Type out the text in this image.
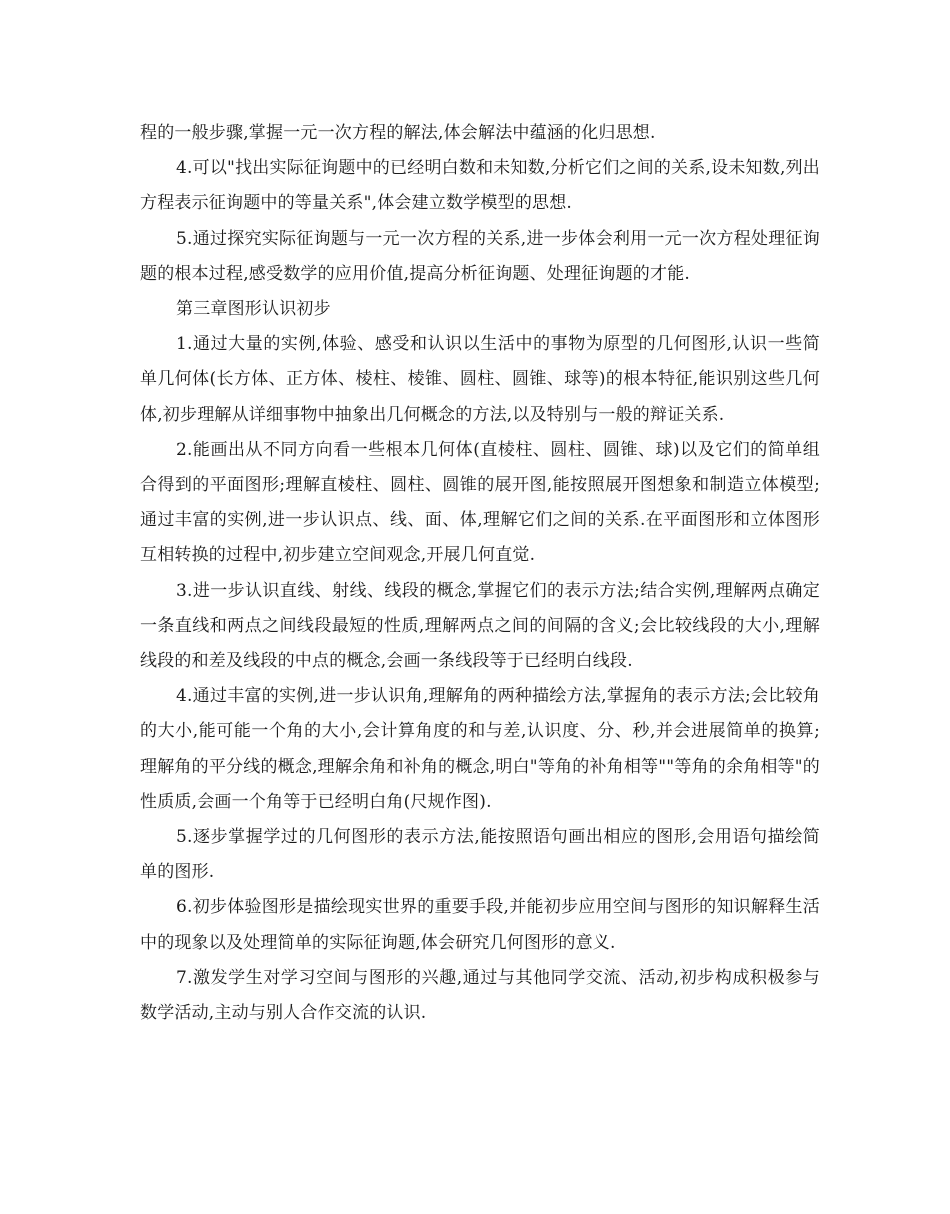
程的一般步骤,掌握一元一次方程的解法,体会解法中蕴涵的化归思想.

4.可以"找出实际征询题中的已经明白数和未知数,分析它们之间的关系,设未知数,列出方程表示征询题中的等量关系",体会建立数学模型的思想.

5.通过探究实际征询题与一元一次方程的关系,进一步体会利用一元一次方程处理征询题的根本过程,感受数学的应用价值,提高分析征询题、处理征询题的才能.

第三章图形认识初步

1.通过大量的实例,体验、感受和认识以生活中的事物为原型的几何图形,认识一些简单几何体(长方体、正方体、棱柱、棱锥、圆柱、圆锥、球等)的根本特征,能识别这些几何体,初步理解从详细事物中抽象出几何概念的方法,以及特别与一般的辩证关系.

2.能画出从不同方向看一些根本几何体(直棱柱、圆柱、圆锥、球)以及它们的简单组合得到的平面图形;理解直棱柱、圆柱、圆锥的展开图,能按照展开图想象和制造立体模型;通过丰富的实例,进一步认识点、线、面、体,理解它们之间的关系.在平面图形和立体图形互相转换的过程中,初步建立空间观念,开展几何直觉.

3.进一步认识直线、射线、线段的概念,掌握它们的表示方法;结合实例,理解两点确定一条直线和两点之间线段最短的性质,理解两点之间的间隔的含义;会比较线段的大小,理解线段的和差及线段的中点的概念,会画一条线段等于已经明白线段.

4.通过丰富的实例,进一步认识角,理解角的两种描绘方法,掌握角的表示方法;会比较角的大小,能可能一个角的大小,会计算角度的和与差,认识度、分、秒,并会进展简单的换算;理解角的平分线的概念,理解余角和补角的概念,明白"等角的补角相等""等角的余角相等"的性质质,会画一个角等于已经明白角(尺规作图).

5.逐步掌握学过的几何图形的表示方法,能按照语句画出相应的图形,会用语句描绘简单的图形.

6.初步体验图形是描绘现实世界的重要手段,并能初步应用空间与图形的知识解释生活中的现象以及处理简单的实际征询题,体会研究几何图形的意义.

7.激发学生对学习空间与图形的兴趣,通过与其他同学交流、活动,初步构成积极参与数学活动,主动与别人合作交流的认识.
